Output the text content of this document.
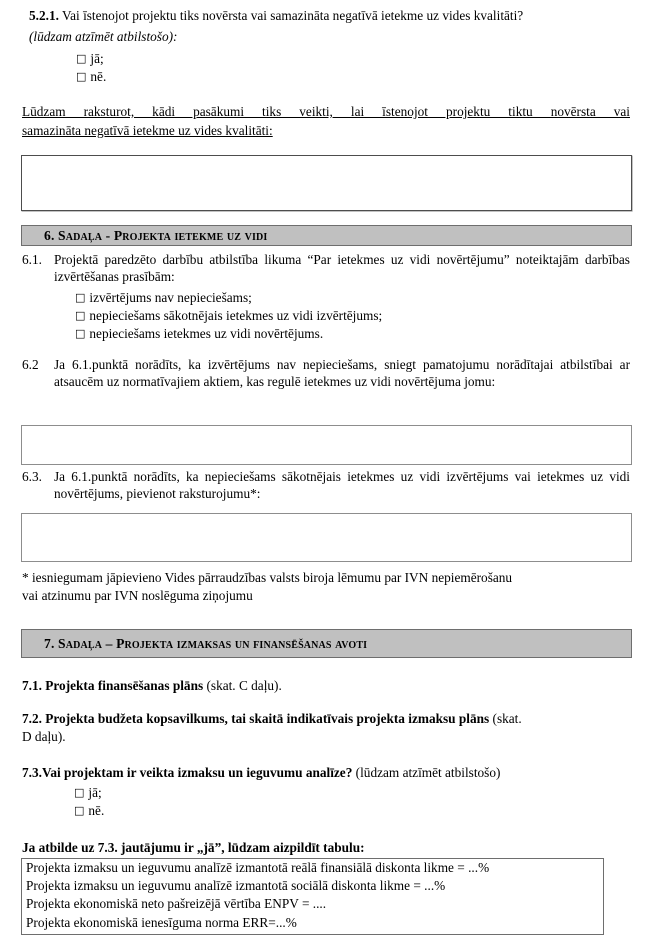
5.2.1. Vai īstenojot projektu tiks novērsta vai samazināta negatīvā ietekme uz vides kvalitāti?
(lūdzam atzīmēt atbilstošo):
□ jā;
□ nē.
Lūdzam raksturot, kādi pasākumi tiks veikti, lai īstenojot projektu tiktu novērsta vai
samazināta negatīvā ietekme uz vides kvalitāti:
6. Sadaļa - Projekta ietekme uz vidi
6.1. Projektā paredzēto darbību atbilstība likuma “Par ietekmes uz vidi novērtējumu” noteiktajām darbības izvērtēšanas prasībām:
□ izvērtējums nav nepieciešams;
□ nepieciešams sākotnējais ietekmes uz vidi izvērtējums;
□ nepieciešams ietekmes uz vidi novērtējums.
6.2	Ja 6.1.punktā norādīts, ka izvērtējums nav nepieciešams, sniegt pamatojumu norādītajai atbilstībai ar atsaucēm uz normatīvajiem aktiem, kas regulē ietekmes uz vidi novērtējuma jomu:
6.3. Ja 6.1.punktā norādīts, ka nepieciešams sākotnējais ietekmes uz vidi izvērtējums vai ietekmes uz vidi novērtējums, pievienot raksturojumu*:
* iesniegumam jāpievieno Vides pārraudzības valsts biroja lēmumu par IVN nepiemērošanu
vai atzinumu par IVN noslēguma ziņojumu
7. Sadaļa – Projekta izmaksas un finansēšanas avoti
7.1. Projekta finansēšanas plāns (skat. C daļu).
7.2. Projekta budžeta kopsavilkums, tai skaitā indikatīvais projekta izmaksu plāns (skat.
D daļu).
7.3.Vai projektam ir veikta izmaksu un ieguvumu analīze? (lūdzam atzīmēt atbilstošo)
□ jā;
□ nē.
Ja atbilde uz 7.3. jautājumu ir „jā”, lūdzam aizpildīt tabulu:
Projekta izmaksu un ieguvumu analīzē izmantotā reālā finansiālā diskonta likme = ...%
Projekta izmaksu un ieguvumu analīzē izmantotā sociālā diskonta likme = ...%
Projekta ekonomiskā neto pašreizējā vērtība ENPV = ....
Projekta ekonomiskā ienesīguma norma ERR=...%
